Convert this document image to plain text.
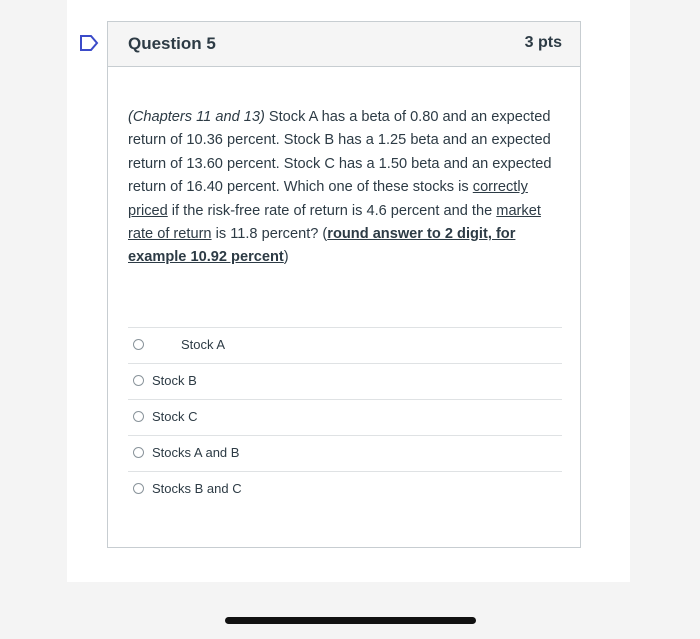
Question 5	3 pts
(Chapters 11 and 13) Stock A has a beta of 0.80 and an expected return of 10.36 percent. Stock B has a 1.25 beta and an expected return of 13.60 percent. Stock C has a 1.50 beta and an expected return of 16.40 percent. Which one of these stocks is correctly priced if the risk-free rate of return is 4.6 percent and the market rate of return is 11.8 percent? (round answer to 2 digit, for example 10.92 percent)
Stock A
Stock B
Stock C
Stocks A and B
Stocks B and C
